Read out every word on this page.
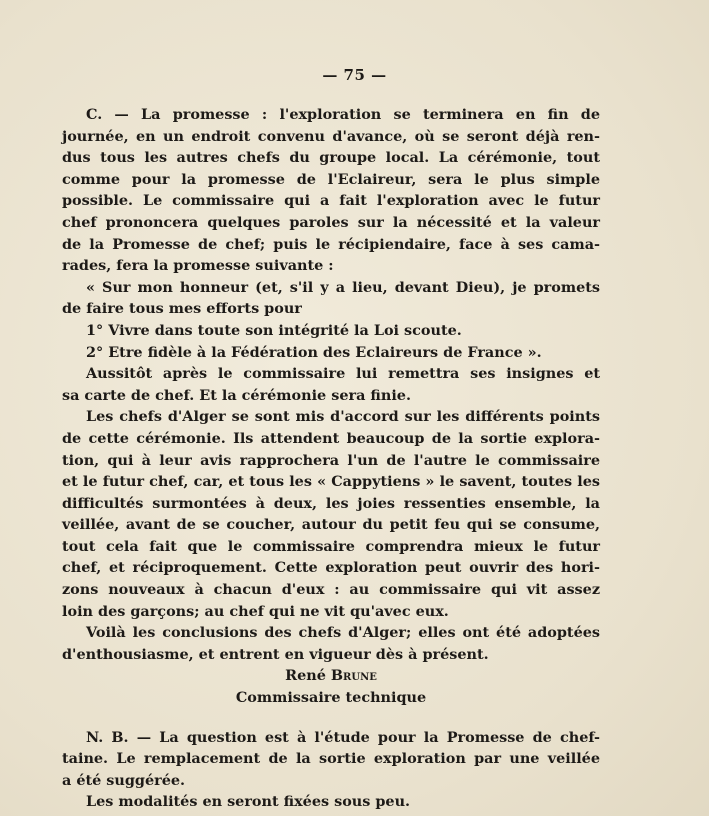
— 75 —
C. — La promesse : l'exploration se terminera en fin de
journée, en un endroit convenu d'avance, où se seront déjà ren-
dus tous les autres chefs du groupe local. La cérémonie, tout
comme pour la promesse de l'Eclaireur, sera le plus simple
possible. Le commissaire qui a fait l'exploration avec le futur
chef prononcera quelques paroles sur la nécessité et la valeur
de la Promesse de chef; puis le récipiendaire, face à ses cama-
rades, fera la promesse suivante :
« Sur mon honneur (et, s'il y a lieu, devant Dieu), je promets
de faire tous mes efforts pour
1° Vivre dans toute son intégrité la Loi scoute.
2° Etre fidèle à la Fédération des Eclaireurs de France ».
Aussitôt après le commissaire lui remettra ses insignes et
sa carte de chef. Et la cérémonie sera finie.
Les chefs d'Alger se sont mis d'accord sur les différents points
de cette cérémonie. Ils attendent beaucoup de la sortie explora-
tion, qui à leur avis rapprochera l'un de l'autre le commissaire
et le futur chef, car, et tous les « Cappytiens » le savent, toutes les
difficultés surmontées à deux, les joies ressenties ensemble, la
veillée, avant de se coucher, autour du petit feu qui se consume,
tout cela fait que le commissaire comprendra mieux le futur
chef, et réciproquement. Cette exploration peut ouvrir des hori-
zons nouveaux à chacun d'eux : au commissaire qui vit assez
loin des garçons; au chef qui ne vit qu'avec eux.
Voilà les conclusions des chefs d'Alger; elles ont été adoptées
d'enthousiasme, et entrent en vigueur dès à présent.
René Brune
Commissaire technique
N. B. — La question est à l'étude pour la Promesse de chef-
taine. Le remplacement de la sortie exploration par une veillée
a été suggérée.
Les modalités en seront fixées sous peu.
